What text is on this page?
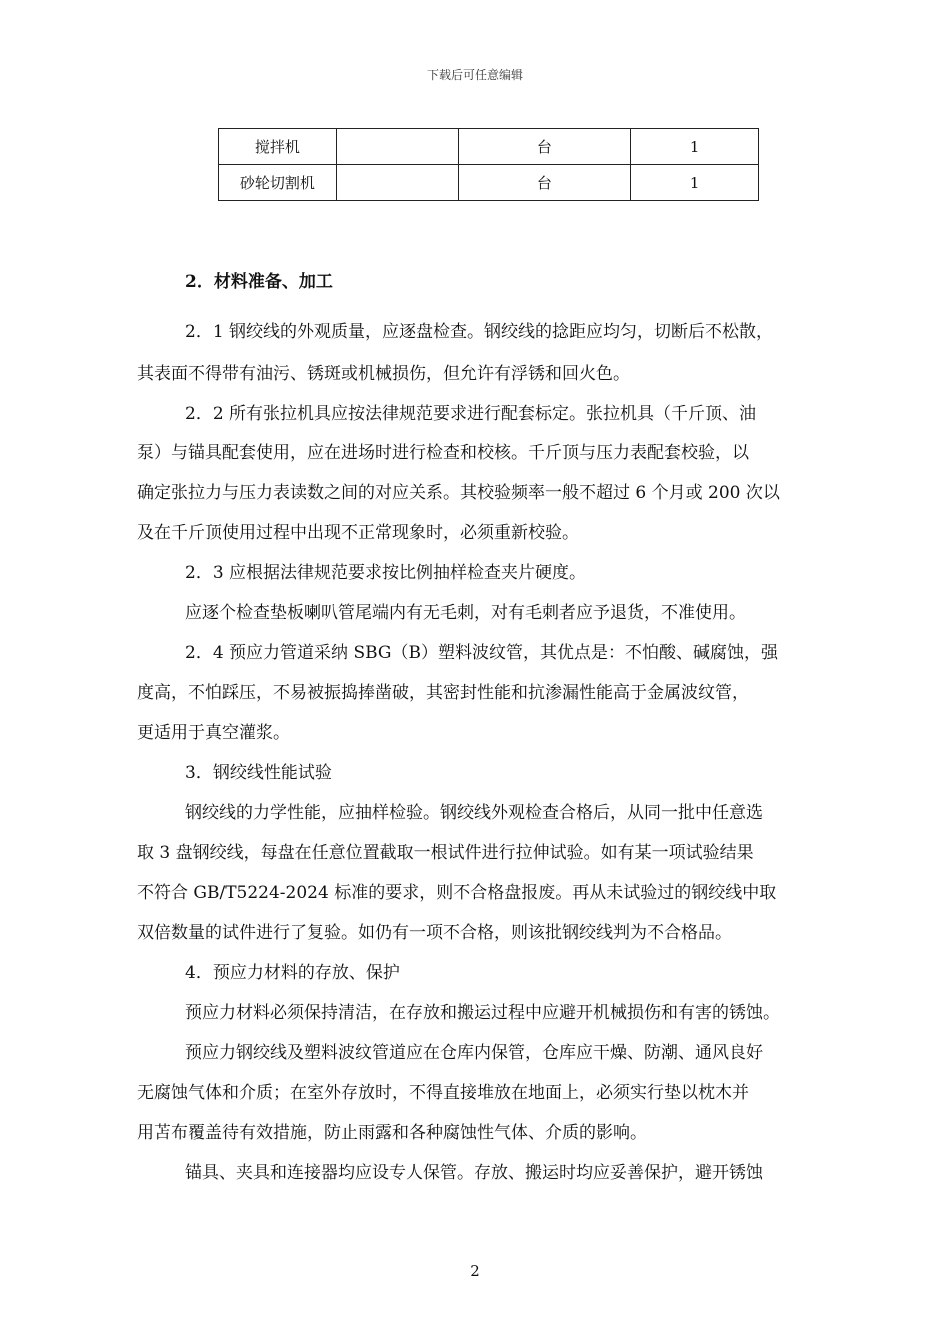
下载后可任意编辑
搅拌机		台	1
砂轮切割机		台	1
2．材料准备、加工
2．1 钢绞线的外观质量，应逐盘检查。钢绞线的捻距应均匀，切断后不松散，
其表面不得带有油污、锈斑或机械损伤，但允许有浮锈和回火色。
2．2 所有张拉机具应按法律规范要求进行配套标定。张拉机具（千斤顶、油
泵）与锚具配套使用，应在进场时进行检查和校核。千斤顶与压力表配套校验，以
确定张拉力与压力表读数之间的对应关系。其校验频率一般不超过 6 个月或 200 次以
及在千斤顶使用过程中出现不正常现象时，必须重新校验。
2．3 应根据法律规范要求按比例抽样检查夹片硬度。
应逐个检查垫板喇叭管尾端内有无毛刺，对有毛刺者应予退货，不准使用。
2．4 预应力管道采纳 SBG（B）塑料波纹管，其优点是：不怕酸、碱腐蚀，强
度高，不怕踩压，不易被振捣捧凿破，其密封性能和抗渗漏性能高于金属波纹管，
更适用于真空灌浆。
3．钢绞线性能试验
钢绞线的力学性能，应抽样检验。钢绞线外观检查合格后，从同一批中任意选
取 3 盘钢绞线，每盘在任意位置截取一根试件进行拉伸试验。如有某一项试验结果
不符合 GB/T5224-2024 标准的要求，则不合格盘报废。再从未试验过的钢绞线中取
双倍数量的试件进行了复验。如仍有一项不合格，则该批钢绞线判为不合格品。
4．预应力材料的存放、保护
预应力材料必须保持清洁，在存放和搬运过程中应避开机械损伤和有害的锈蚀。
预应力钢绞线及塑料波纹管道应在仓库内保管，仓库应干燥、防潮、通风良好
无腐蚀气体和介质；在室外存放时，不得直接堆放在地面上，必须实行垫以枕木并
用苫布覆盖待有效措施，防止雨露和各种腐蚀性气体、介质的影响。
锚具、夹具和连接器均应设专人保管。存放、搬运时均应妥善保护，避开锈蚀
2
